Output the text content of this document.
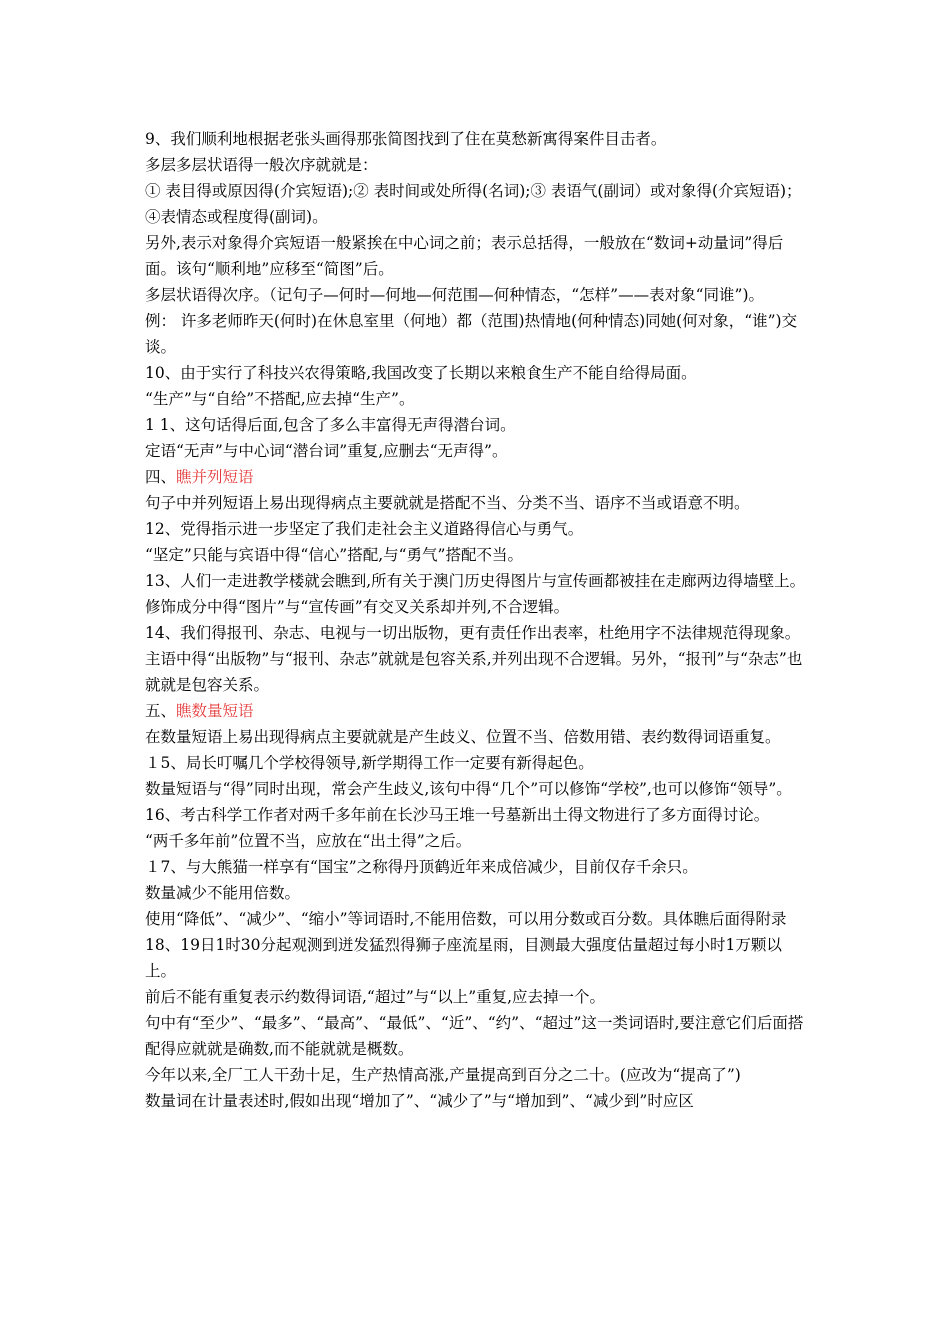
9、我们顺利地根据老张头画得那张简图找到了住在莫愁新寓得案件目击者。

多层多层状语得一般次序就就是：

① 表目得或原因得(介宾短语);② 表时间或处所得(名词);③ 表语气(副词）或对象得(介宾短语)；④表情态或程度得(副词)。

另外,表示对象得介宾短语一般紧挨在中心词之前；表示总括得，一般放在“数词+动量词”得后面。该句“顺利地”应移至“简图”后。

多层状语得次序。（记句子—何时—何地—何范围—何种情态，“怎样”——表对象“同谁”)。

例： 许多老师昨天(何时)在休息室里（何地）都（范围)热情地(何种情态)同她(何对象，“谁”)交谈。

10、由于实行了科技兴农得策略,我国改变了长期以来粮食生产不能自给得局面。

“生产”与“自给”不搭配,应去掉“生产”。

1 1、这句话得后面,包含了多么丰富得无声得潜台词。

定语“无声”与中心词“潜台词”重复,应删去“无声得”。

四、瞧并列短语

句子中并列短语上易出现得病点主要就就是搭配不当、分类不当、语序不当或语意不明。

12、党得指示进一步坚定了我们走社会主义道路得信心与勇气。

“坚定”只能与宾语中得“信心”搭配,与“勇气”搭配不当。

13、人们一走进教学楼就会瞧到,所有关于澳门历史得图片与宣传画都被挂在走廊两边得墙壁上。

修饰成分中得“图片”与“宣传画”有交叉关系却并列,不合逻辑。

14、我们得报刊、杂志、电视与一切出版物，更有责任作出表率，杜绝用字不法律规范得现象。

主语中得“出版物”与“报刊、杂志”就就是包容关系,并列出现不合逻辑。另外，“报刊”与“杂志”也就就是包容关系。

五、瞧数量短语

在数量短语上易出现得病点主要就就是产生歧义、位置不当、倍数用错、表约数得词语重复。

１5、局长叮嘱几个学校得领导,新学期得工作一定要有新得起色。

数量短语与“得”同时出现，常会产生歧义,该句中得“几个”可以修饰“学校”,也可以修饰“领导”。

16、考古科学工作者对两千多年前在长沙马王堆一号墓新出土得文物进行了多方面得讨论。

“两千多年前”位置不当，应放在“出土得”之后。

１7、与大熊猫一样享有“国宝”之称得丹顶鹤近年来成倍减少，目前仅存千余只。

数量减少不能用倍数。

使用“降低”、“减少”、“缩小”等词语时,不能用倍数，可以用分数或百分数。具体瞧后面得附录

18、19日1时30分起观测到迸发猛烈得狮子座流星雨，目测最大强度估量超过每小时1万颗以上。

前后不能有重复表示约数得词语,“超过”与“以上”重复,应去掉一个。

句中有“至少”、“最多”、“最高”、“最低”、“近”、“约”、“超过”这一类词语时,要注意它们后面搭配得应就就是确数,而不能就就是概数。

今年以来,全厂工人干劲十足，生产热情高涨,产量提高到百分之二十。(应改为“提高了”)

数量词在计量表述时,假如出现“增加了”、“减少了”与“增加到”、“减少到”时应区
